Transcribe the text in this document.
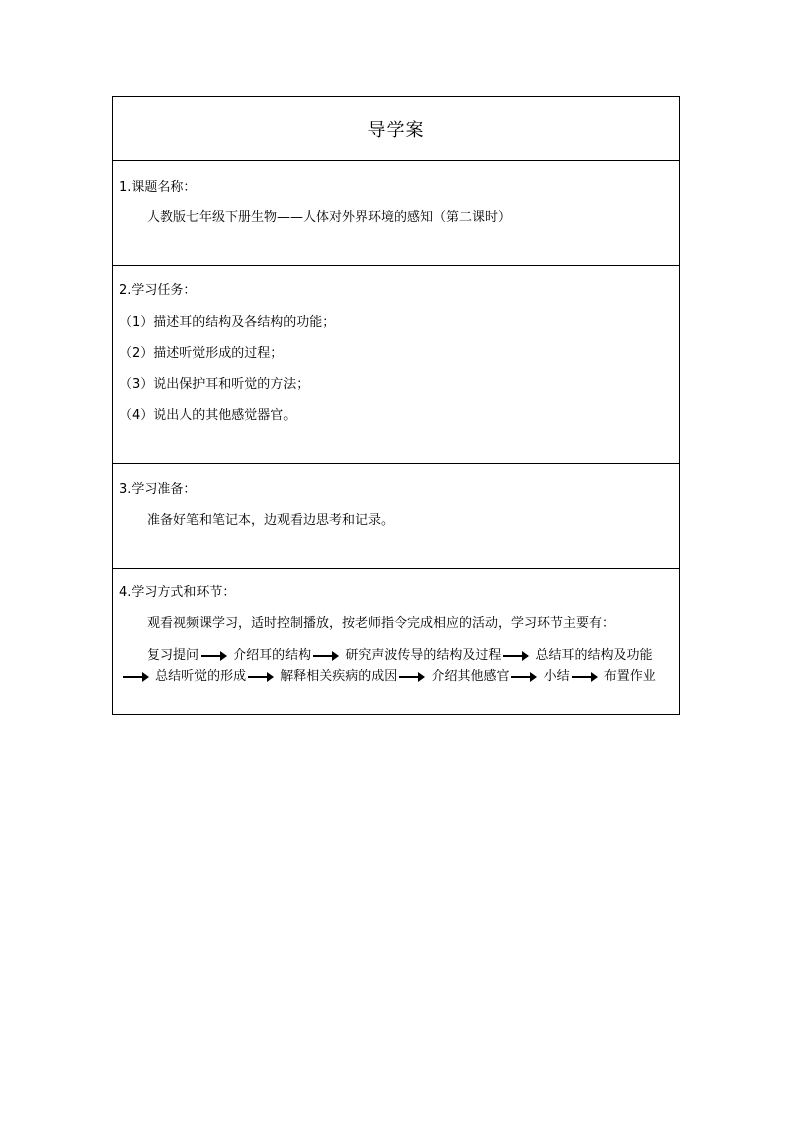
导学案
1.课题名称：
人教版七年级下册生物——人体对外界环境的感知（第二课时）
2.学习任务：
（1）描述耳的结构及各结构的功能；
（2）描述听觉形成的过程；
（3）说出保护耳和听觉的方法；
（4）说出人的其他感觉器官。
3.学习准备：
准备好笔和笔记本，边观看边思考和记录。
4.学习方式和环节：
观看视频课学习，适时控制播放，按老师指令完成相应的活动，学习环节主要有：
复习提问	介绍耳的结构	研究声波传导的结构及过程	总结耳的结构及功能 总结听觉的形成	解释相关疾病的成因	介绍其他感官	小结	布置作业
